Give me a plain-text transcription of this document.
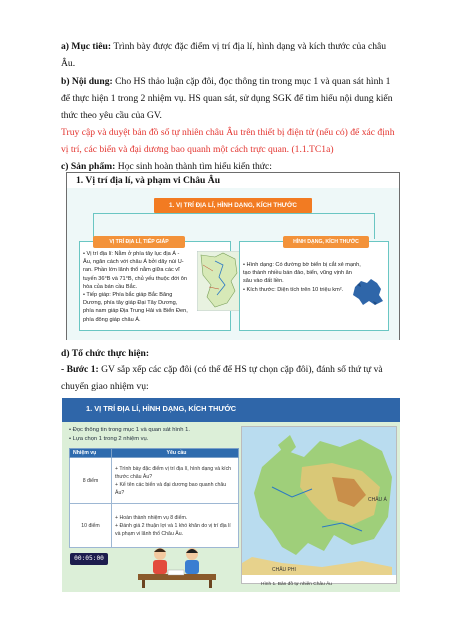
a) Mục tiêu: Trình bày được đặc điểm vị trí địa lí, hình dạng và kích thước của châu Âu.
b) Nội dung: Cho HS thảo luận cặp đôi, đọc thông tin trong mục 1 và quan sát hình 1 để thực hiện 1 trong 2 nhiệm vụ. HS quan sát, sử dụng SGK để tìm hiểu nội dung kiến thức theo yêu cầu của GV.
Truy cập và duyệt bản đồ số tự nhiên châu Âu trên thiết bị điện tử (nếu có) để xác định vị trí, các biển và đại dương bao quanh một cách trực quan. (1.1.TC1a)
c) Sản phẩm: Học sinh hoàn thành tìm hiểu kiến thức:
1. Vị trí địa lí, và phạm vi Châu Âu
1. VỊ TRÍ ĐỊA LÍ, HÌNH DẠNG, KÍCH THƯỚC
VỊ TRÍ ĐỊA LÍ, TIẾP GIÁP
• Vị trí địa lí: Nằm ở phía tây lục địa Á - Âu, ngăn cách với châu Á bởi dãy núi U-ran. Phần lớn lãnh thổ nằm giữa các vĩ tuyến 36°B và 71°B, chủ yếu thuộc đới ôn hòa của bán cầu Bắc.
• Tiếp giáp: Phía bắc giáp Bắc Băng Dương, phía tây giáp Đại Tây Dương, phía nam giáp Địa Trung Hải và Biển Đen, phía đông giáp châu Á.
HÌNH DẠNG, KÍCH THƯỚC
• Hình dạng: Có đường bờ biển bị cắt xẻ mạnh, tạo thành nhiều bán đảo, biển, vũng vịnh ăn sâu vào đất liền.
• Kích thước: Diện tích trên 10 triệu km².
d) Tổ chức thực hiện:
- Bước 1: GV sắp xếp các cặp đôi (có thể để HS tự chọn cặp đôi), đánh số thứ tự và chuyển giao nhiệm vụ:
1. VỊ TRÍ ĐỊA LÍ, HÌNH DẠNG, KÍCH THƯỚC
• Đọc thông tin trong mục 1 và quan sát hình 1.
• Lựa chọn 1 trong 2 nhiệm vụ.
Nhiệm vụ	Yêu cầu
8 điểm	+ Trình bày đặc điểm vị trí địa lí, hình dạng và kích thước châu Âu?
+ Kể tên các biển và đại dương bao quanh châu Âu?
10 điểm	+ Hoàn thành nhiệm vụ 8 điểm.
+ Đánh giá 2 thuận lợi và 1 khó khăn do vị trí địa lí và phạm vi lãnh thổ Châu Âu.
00:05:00
CHÂU Á
CHÂU PHI
Hình 1. Bản đồ tự nhiên Châu Âu
